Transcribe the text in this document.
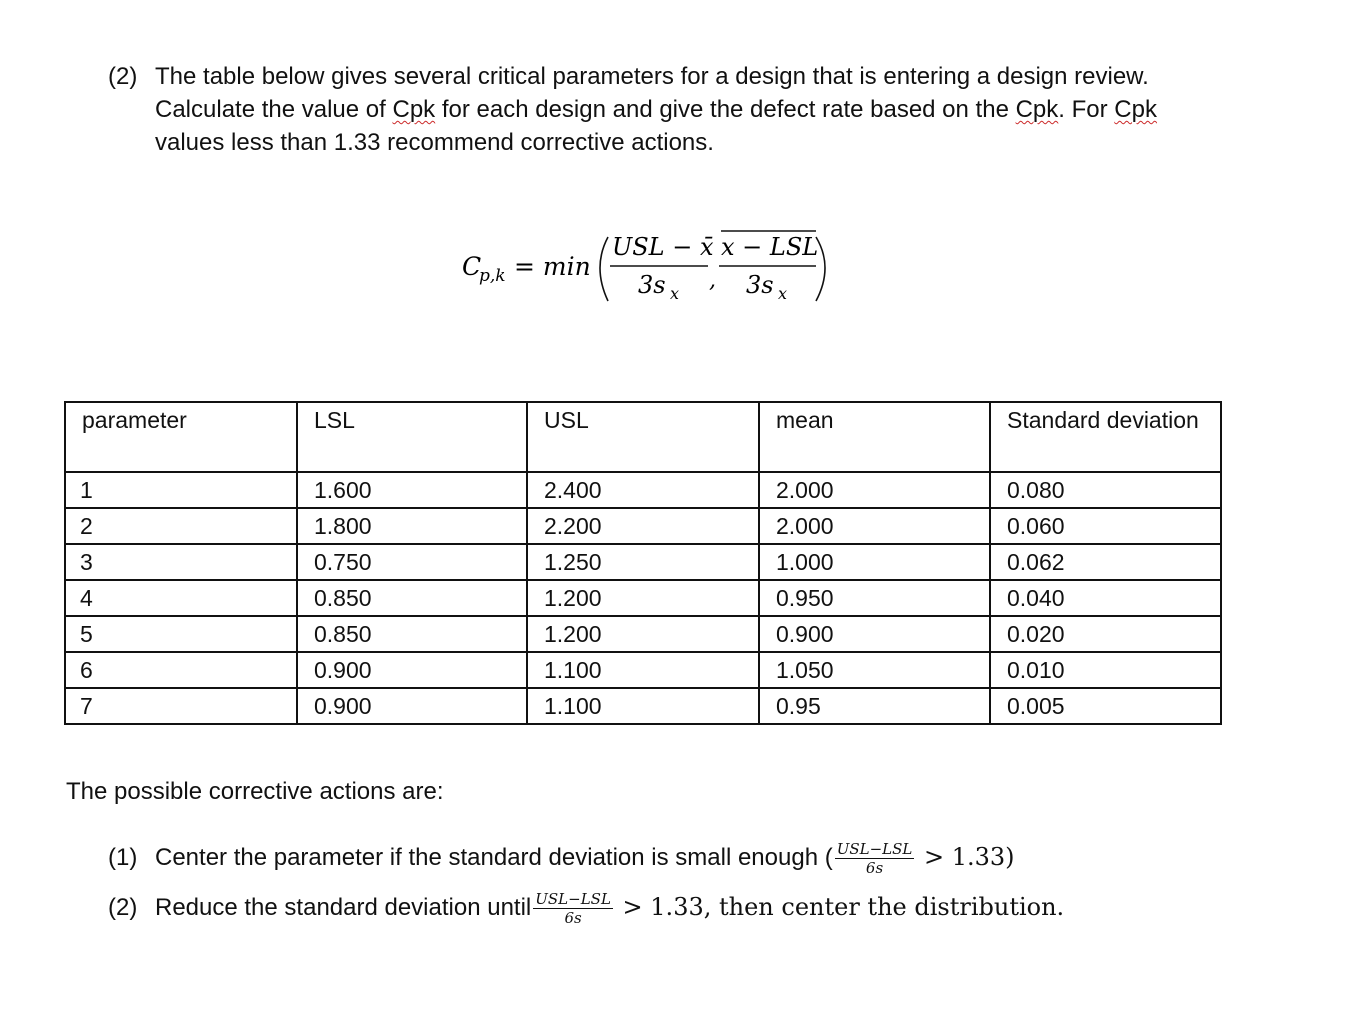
(2) The table below gives several critical parameters for a design that is entering a design review.
Calculate the value of Cpk for each design and give the defect rate based on the Cpk. For Cpk
values less than 1.33 recommend corrective actions.
C
p,k = min
USL − x̄
3s x
,
x − LSL
3s x
parameter	LSL	USL	mean	Standard deviation
1	1.600	2.400	2.000	0.080
2	1.800	2.200	2.000	0.060
3	0.750	1.250	1.000	0.062
4	0.850	1.200	0.950	0.040
5	0.850	1.200	0.900	0.020
6	0.900	1.100	1.050	0.010
7	0.900	1.100	0.95	0.005
The possible corrective actions are:
(1) Center the parameter if the standard deviation is small enough ( $\frac{\text{USL−LSL}}{6s} > 1.33$)
(2) Reduce the standard deviation until $\frac{\text{USL−LSL}}{6s} > 1.33$, then center the distribution.
